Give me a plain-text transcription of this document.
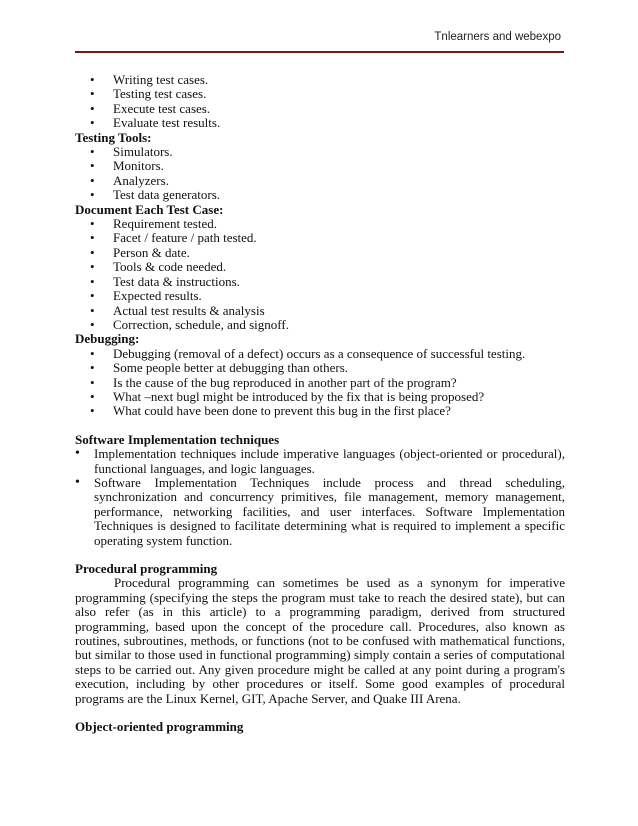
Tnlearners and webexpo
• Writing test cases.
• Testing test cases.
• Execute test cases.
• Evaluate test results.
Testing Tools:
• Simulators.
• Monitors.
• Analyzers.
• Test data generators.
Document Each Test Case:
• Requirement tested.
• Facet / feature / path tested.
• Person & date.
• Tools & code needed.
• Test data & instructions.
• Expected results.
• Actual test results & analysis
• Correction, schedule, and signoff.
Debugging:
• Debugging (removal of a defect) occurs as a consequence of successful testing.
• Some people better at debugging than others.
• Is the cause of the bug reproduced in another part of the program?
• What –next bugl might be introduced by the fix that is being proposed?
• What could have been done to prevent this bug in the first place?
Software Implementation techniques
• Implementation techniques include imperative languages (object-oriented or procedural), functional languages, and logic languages.
• Software Implementation Techniques include process and thread scheduling, synchronization and concurrency primitives, file management, memory management, performance, networking facilities, and user interfaces. Software Implementation Techniques is designed to facilitate determining what is required to implement a specific operating system function.
Procedural programming

Procedural programming can sometimes be used as a synonym for imperative programming (specifying the steps the program must take to reach the desired state), but can also refer (as in this article) to a programming paradigm, derived from structured programming, based upon the concept of the procedure call. Procedures, also known as routines, subroutines, methods, or functions (not to be confused with mathematical functions, but similar to those used in functional programming) simply contain a series of computational steps to be carried out. Any given procedure might be called at any point during a program's execution, including by other procedures or itself. Some good examples of procedural programs are the Linux Kernel, GIT, Apache Server, and Quake III Arena.

Object-oriented programming
